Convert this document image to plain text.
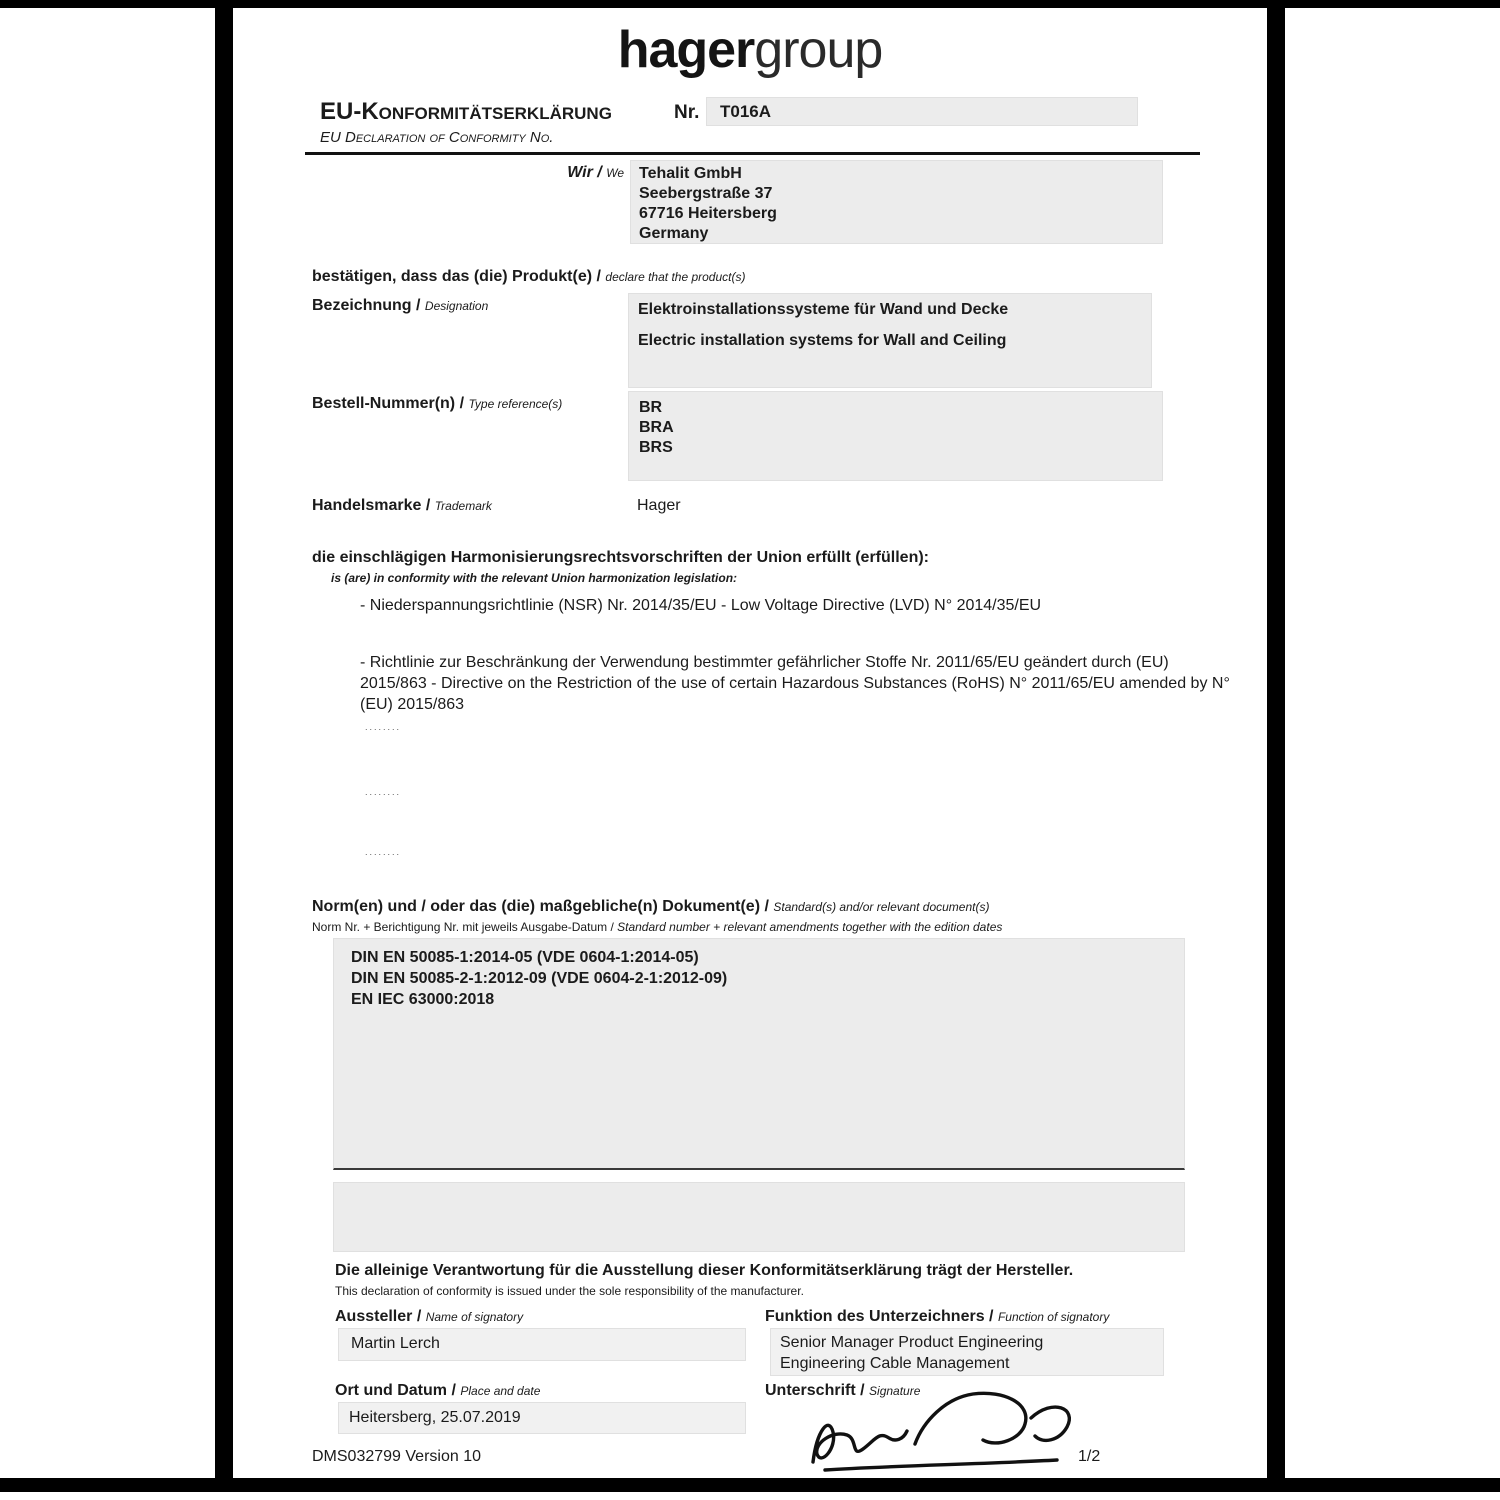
hagergroup
EU-Konformitätserklärung	Nr.	T016A
EU Declaration of Conformity No.
Wir / We Tehalit GmbH
Seebergstraße 37
67716 Heitersberg
Germany
bestätigen, dass das (die) Produkt(e) / declare that the product(s)
Bezeichnung / Designation	Elektroinstallationssysteme für Wand und Decke
Electric installation systems for Wall and Ceiling
Bestell-Nummer(n) / Type reference(s)	BR
BRA
BRS
Handelsmarke / Trademark	Hager
die einschlägigen Harmonisierungsrechtsvorschriften der Union erfüllt (erfüllen):
is (are) in conformity with the relevant Union harmonization legislation:
- Niederspannungsrichtlinie (NSR) Nr. 2014/35/EU - Low Voltage Directive (LVD) N° 2014/35/EU
- Richtlinie zur Beschränkung der Verwendung bestimmter gefährlicher Stoffe Nr. 2011/65/EU geändert durch (EU) 2015/863 - Directive on the Restriction of the use of certain Hazardous Substances (RoHS) N° 2011/65/EU amended by N° (EU) 2015/863
........
........
........
Norm(en) und / oder das (die) maßgebliche(n) Dokument(e) / Standard(s) and/or relevant document(s)
Norm Nr. + Berichtigung Nr. mit jeweils Ausgabe-Datum / Standard number + relevant amendments together with the edition dates
DIN EN 50085-1:2014-05 (VDE 0604-1:2014-05)
DIN EN 50085-2-1:2012-09 (VDE 0604-2-1:2012-09)
EN IEC 63000:2018
Die alleinige Verantwortung für die Ausstellung dieser Konformitätserklärung trägt der Hersteller.
This declaration of conformity is issued under the sole responsibility of the manufacturer.
Aussteller / Name of signatory
Martin Lerch
Funktion des Unterzeichners / Function of signatory
Senior Manager Product Engineering
Engineering Cable Management
Ort und Datum / Place and date
Heitersberg, 25.07.2019
Unterschrift / Signature
DMS032799 Version 10	1/2
